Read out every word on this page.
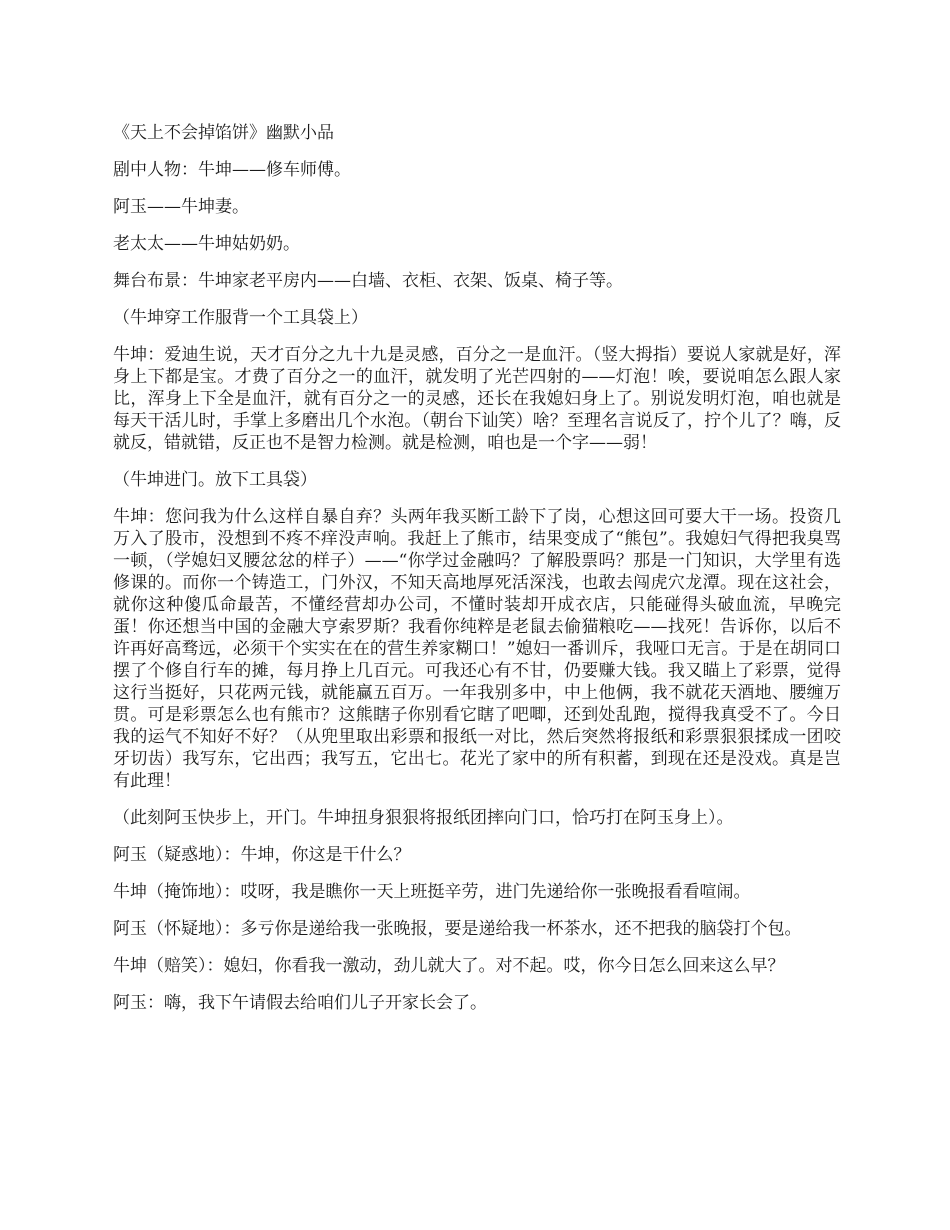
《天上不会掉馅饼》幽默小品

剧中人物：牛坤——修车师傅。

阿玉——牛坤妻。

老太太——牛坤姑奶奶。

舞台布景：牛坤家老平房内——白墙、衣柜、衣架、饭桌、椅子等。

（牛坤穿工作服背一个工具袋上）

牛坤：爱迪生说，天才百分之九十九是灵感，百分之一是血汗。（竖大拇指）要说人家就是好，浑身上下都是宝。才费了百分之一的血汗，就发明了光芒四射的——灯泡！唉，要说咱怎么跟人家比，浑身上下全是血汗，就有百分之一的灵感，还长在我媳妇身上了。别说发明灯泡，咱也就是每天干活儿时，手掌上多磨出几个水泡。（朝台下讪笑）啥？至理名言说反了，拧个儿了？嗨，反就反，错就错，反正也不是智力检测。就是检测，咱也是一个字——弱！

（牛坤进门。放下工具袋）

牛坤：您问我为什么这样自暴自弃？头两年我买断工龄下了岗，心想这回可要大干一场。投资几万入了股市，没想到不疼不痒没声响。我赶上了熊市，结果变成了“熊包”。我媳妇气得把我臭骂一顿，（学媳妇叉腰忿忿的样子）——“你学过金融吗？了解股票吗？那是一门知识，大学里有选修课的。而你一个铸造工，门外汉，不知天高地厚死活深浅，也敢去闯虎穴龙潭。现在这社会，就你这种傻瓜命最苦，不懂经营却办公司，不懂时装却开成衣店，只能碰得头破血流，早晚完蛋！你还想当中国的金融大亨索罗斯？我看你纯粹是老鼠去偷猫粮吃——找死！告诉你，以后不许再好高骛远，必须干个实实在在的营生养家糊口！”媳妇一番训斥，我哑口无言。于是在胡同口摆了个修自行车的摊，每月挣上几百元。可我还心有不甘，仍要赚大钱。我又瞄上了彩票，觉得这行当挺好，只花两元钱，就能赢五百万。一年我别多中，中上他俩，我不就花天酒地、腰缠万贯。可是彩票怎么也有熊市？这熊瞎子你别看它瞎了吧唧，还到处乱跑，搅得我真受不了。今日我的运气不知好不好？（从兜里取出彩票和报纸一对比，然后突然将报纸和彩票狠狠揉成一团咬牙切齿）我写东，它出西；我写五，它出七。花光了家中的所有积蓄，到现在还是没戏。真是岂有此理！

（此刻阿玉快步上，开门。牛坤扭身狠狠将报纸团摔向门口，恰巧打在阿玉身上）。

阿玉（疑惑地）：牛坤，你这是干什么？

牛坤（掩饰地）：哎呀，我是瞧你一天上班挺辛劳，进门先递给你一张晚报看看喧闹。

阿玉（怀疑地）：多亏你是递给我一张晚报，要是递给我一杯茶水，还不把我的脑袋打个包。

牛坤（赔笑）：媳妇，你看我一激动，劲儿就大了。对不起。哎，你今日怎么回来这么早？

阿玉：嗨，我下午请假去给咱们儿子开家长会了。
